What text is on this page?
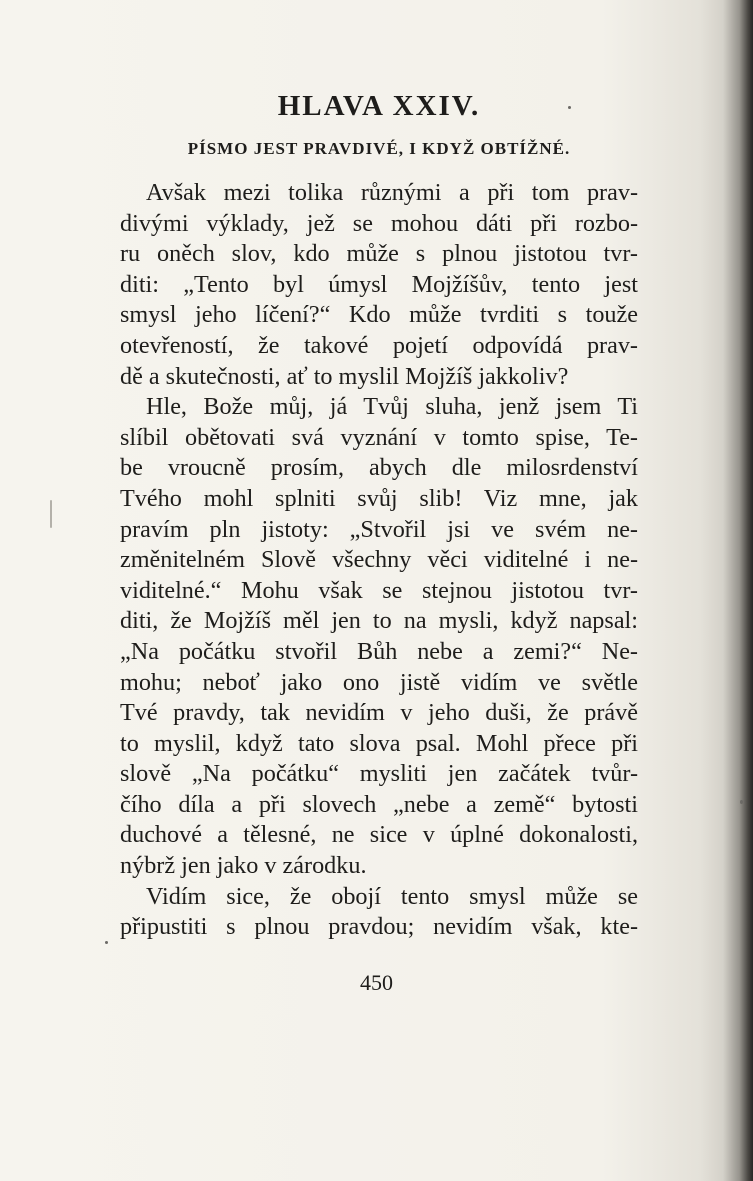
HLAVA XXIV.
PÍSMO JEST PRAVDIVÉ, I KDYŽ OBTÍŽNÉ.
Avšak mezi tolika různými a při tom prav-
divými výklady, jež se mohou dáti při rozbo-
ru oněch slov, kdo může s plnou jistotou tvr-
diti: „Tento byl úmysl Mojžíšův, tento jest
smysl jeho líčení?“ Kdo může tvrditi s touže
otevřeností, že takové pojetí odpovídá prav-
dě a skutečnosti, ať to myslil Mojžíš jakkoliv?
Hle, Bože můj, já Tvůj sluha, jenž jsem Ti
slíbil obětovati svá vyznání v tomto spise, Te-
be vroucně prosím, abych dle milosrdenství
Tvého mohl splniti svůj slib! Viz mne, jak
pravím pln jistoty: „Stvořil jsi ve svém ne-
změnitelném Slově všechny věci viditelné i ne-
viditelné.“ Mohu však se stejnou jistotou tvr-
diti, že Mojžíš měl jen to na mysli, když napsal:
„Na počátku stvořil Bůh nebe a zemi?“ Ne-
mohu; neboť jako ono jistě vidím ve světle
Tvé pravdy, tak nevidím v jeho duši, že právě
to myslil, když tato slova psal. Mohl přece při
slově „Na počátku“ mysliti jen začátek tvůr-
čího díla a při slovech „nebe a země“ bytosti
duchové a tělesné, ne sice v úplné dokonalosti,
nýbrž jen jako v zárodku.
Vidím sice, že obojí tento smysl může se
připustiti s plnou pravdou; nevidím však, kte-
450
